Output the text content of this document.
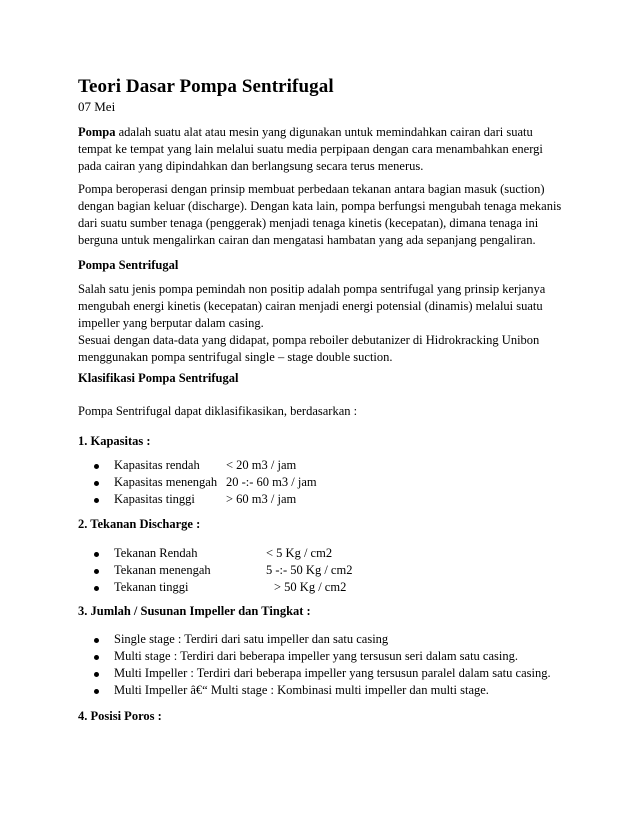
Teori Dasar Pompa Sentrifugal
07 Mei
Pompa adalah suatu alat atau mesin yang digunakan untuk memindahkan cairan dari suatu
tempat ke tempat yang lain melalui suatu media perpipaan dengan cara menambahkan energi
pada cairan yang dipindahkan dan berlangsung secara terus menerus.
Pompa beroperasi dengan prinsip membuat perbedaan tekanan antara bagian masuk (suction)
dengan bagian keluar (discharge). Dengan kata lain, pompa berfungsi mengubah tenaga mekanis
dari suatu sumber tenaga (penggerak) menjadi tenaga kinetis (kecepatan), dimana tenaga ini
berguna untuk mengalirkan cairan dan mengatasi hambatan yang ada sepanjang pengaliran.
Pompa Sentrifugal
Salah satu jenis pompa pemindah non positip adalah pompa sentrifugal yang prinsip kerjanya
mengubah energi kinetis (kecepatan) cairan menjadi energi potensial (dinamis) melalui suatu
impeller yang berputar dalam casing.
Sesuai dengan data-data yang didapat, pompa reboiler debutanizer di Hidrokracking Unibon
menggunakan pompa sentrifugal single – stage double suction.
Klasifikasi Pompa Sentrifugal
Pompa Sentrifugal dapat diklasifikasikan, berdasarkan :
1. Kapasitas :
Kapasitas rendah < 20 m3 / jam
Kapasitas menengah 20 -:- 60 m3 / jam
Kapasitas tinggi > 60 m3 / jam
2. Tekanan Discharge :
Tekanan Rendah	< 5 Kg / cm2
Tekanan menengah	5 -:- 50 Kg / cm2
Tekanan tinggi	> 50 Kg / cm2
3. Jumlah / Susunan Impeller dan Tingkat :
Single stage : Terdiri dari satu impeller dan satu casing
Multi stage : Terdiri dari beberapa impeller yang tersusun seri dalam satu casing.
Multi Impeller : Terdiri dari beberapa impeller yang tersusun paralel dalam satu casing.
Multi Impeller â€“ Multi stage : Kombinasi multi impeller dan multi stage.
4. Posisi Poros :
